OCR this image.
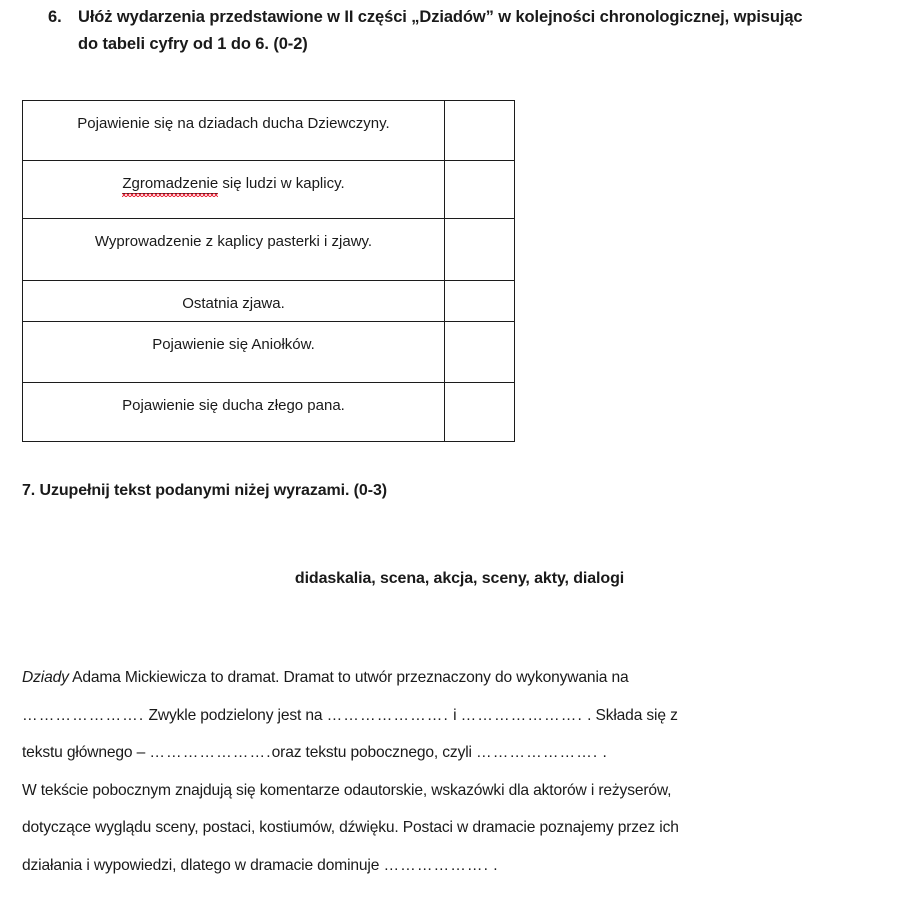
6. Ułóż wydarzenia przedstawione w II części „Dziadów” w kolejności chronologicznej, wpisując
do tabeli cyfry od 1 do 6. (0-2)
Pojawienie się na dziadach ducha Dziewczyny.	
Zgromadzenie się ludzi w kaplicy.	
Wyprowadzenie z kaplicy pasterki i zjawy.	
Ostatnia zjawa.	
Pojawienie się Aniołków.	
Pojawienie się ducha złego pana.	
7. Uzupełnij tekst podanymi niżej wyrazami. (0-3)
didaskalia, scena, akcja, sceny, akty, dialogi

Dziady Adama Mickiewicza to dramat. Dramat to utwór przeznaczony do wykonywania na

…………………. Zwykle podzielony jest na …………………. i …………………. . Składa się z

tekstu głównego – ………………….oraz tekstu pobocznego, czyli …………………. .

W tekście pobocznym znajdują się komentarze odautorskie, wskazówki dla aktorów i reżyserów,

dotyczące wyglądu sceny, postaci, kostiumów, dźwięku. Postaci w dramacie poznajemy przez ich

działania i wypowiedzi, dlatego w dramacie dominuje ………………. .
